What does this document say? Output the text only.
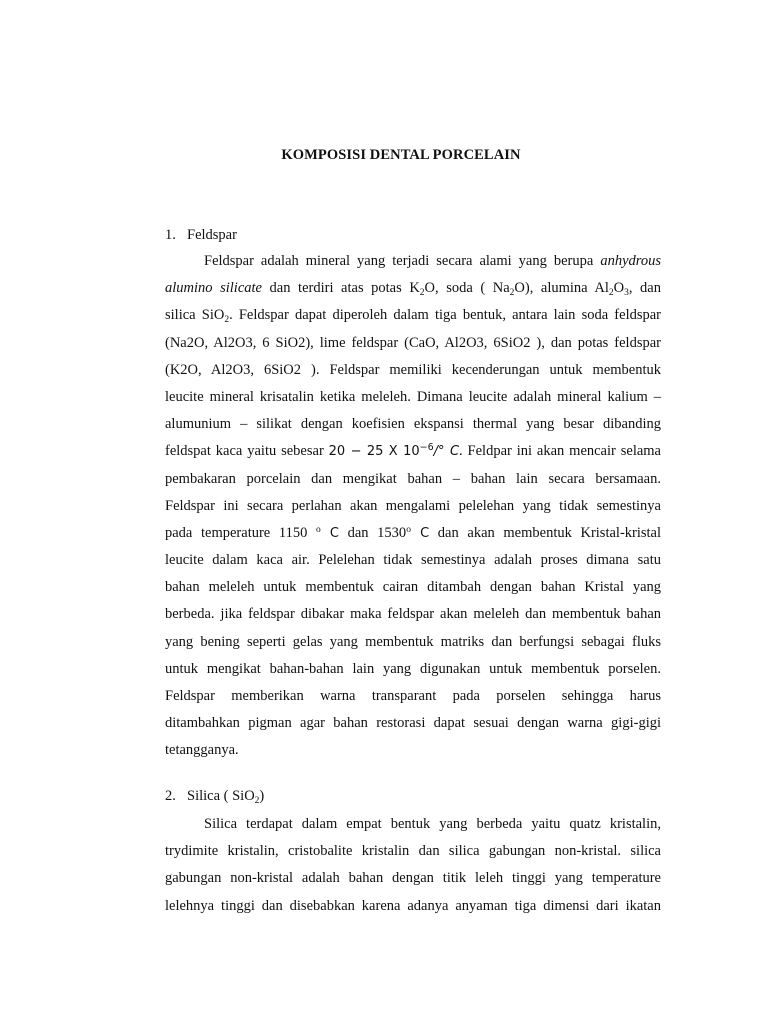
KOMPOSISI DENTAL PORCELAIN
1. Feldspar
Feldspar adalah mineral yang terjadi secara alami yang berupa anhydrous
alumino silicate dan terdiri atas potas $K_2O$, soda ( $Na_2O$), alumina $Al_2O_3$, dan
silica SiO$_2$. Feldspar dapat diperoleh dalam tiga bentuk, antara lain soda feldspar
(Na2O, Al2O3, 6 SiO2), lime feldspar (CaO, Al2O3, 6SiO2 ), dan potas feldspar
(K2O, Al2O3, 6SiO2 ). Feldspar memiliki kecenderungan untuk membentuk
leucite mineral krisatalin ketika meleleh. Dimana leucite adalah mineral kalium –
alumunium – silikat dengan koefisien ekspansi thermal yang besar dibanding
feldspat kaca yaitu sebesar 20 − 25 X $10^{-6}/^\circ$ C. Feldpar ini akan mencair selama
pembakaran porcelain dan mengikat bahan – bahan lain secara bersamaan.
Feldspar ini secara perlahan akan mengalami pelelehan yang tidak semestinya
pada temperature 1150 $^o$ C dan 1530$^o$ C dan akan membentuk Kristal-kristal
leucite dalam kaca air. Pelelehan tidak semestinya adalah proses dimana satu
bahan meleleh untuk membentuk cairan ditambah dengan bahan Kristal yang
berbeda. jika feldspar dibakar maka feldspar akan meleleh dan membentuk bahan
yang bening seperti gelas yang membentuk matriks dan berfungsi sebagai fluks
untuk mengikat bahan-bahan lain yang digunakan untuk membentuk porselen.
Feldspar memberikan warna transparant pada porselen sehingga harus
ditambahkan pigman agar bahan restorasi dapat sesuai dengan warna gigi-gigi
tetangganya.
2. Silica ( SiO$_2$)
Silica terdapat dalam empat bentuk yang berbeda yaitu quatz kristalin,
trydimite kristalin, cristobalite kristalin dan silica gabungan non-kristal. silica
gabungan non-kristal adalah bahan dengan titik leleh tinggi yang temperature
lelehnya tinggi dan disebabkan karena adanya anyaman tiga dimensi dari ikatan
